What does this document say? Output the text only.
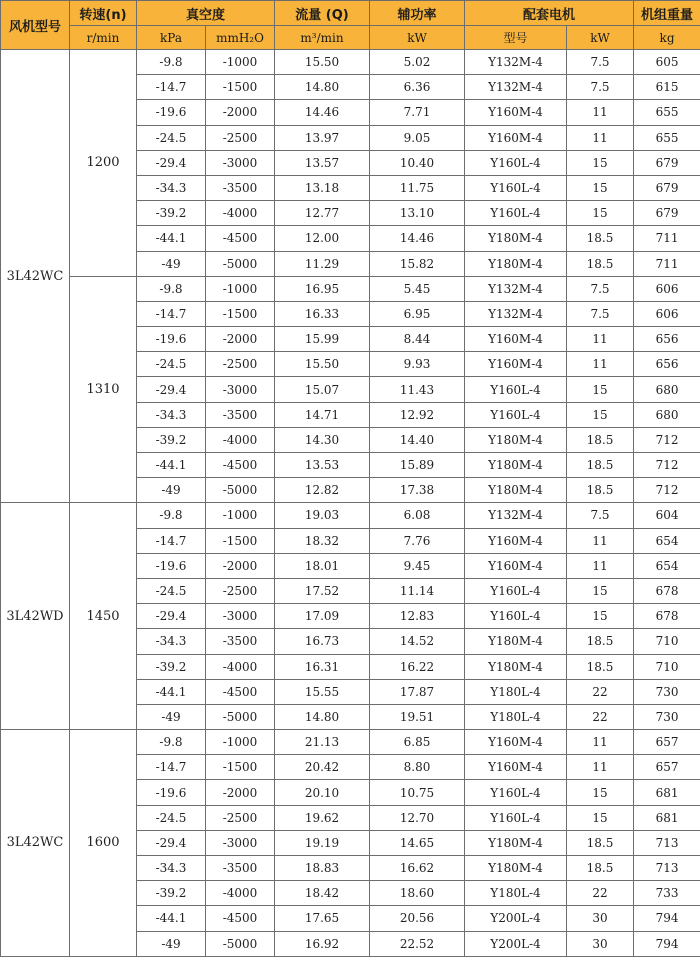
风机型号	转速(n)	真空度		流量 (Q)	辅功率	配套电机		机组重量
	r/min	kPa	mmH₂O	m³/min	kW	型号	kW	kg
3L42WC	1200	-9.8	-1000	15.50	5.02	Y132M-4	7.5	605
		-14.7	-1500	14.80	6.36	Y132M-4	7.5	615
		-19.6	-2000	14.46	7.71	Y160M-4	11	655
		-24.5	-2500	13.97	9.05	Y160M-4	11	655
		-29.4	-3000	13.57	10.40	Y160L-4	15	679
		-34.3	-3500	13.18	11.75	Y160L-4	15	679
		-39.2	-4000	12.77	13.10	Y160L-4	15	679
		-44.1	-4500	12.00	14.46	Y180M-4	18.5	711
		-49	-5000	11.29	15.82	Y180M-4	18.5	711
	1310	-9.8	-1000	16.95	5.45	Y132M-4	7.5	606
		-14.7	-1500	16.33	6.95	Y132M-4	7.5	606
		-19.6	-2000	15.99	8.44	Y160M-4	11	656
		-24.5	-2500	15.50	9.93	Y160M-4	11	656
		-29.4	-3000	15.07	11.43	Y160L-4	15	680
		-34.3	-3500	14.71	12.92	Y160L-4	15	680
		-39.2	-4000	14.30	14.40	Y180M-4	18.5	712
		-44.1	-4500	13.53	15.89	Y180M-4	18.5	712
		-49	-5000	12.82	17.38	Y180M-4	18.5	712
3L42WD	1450	-9.8	-1000	19.03	6.08	Y132M-4	7.5	604
		-14.7	-1500	18.32	7.76	Y160M-4	11	654
		-19.6	-2000	18.01	9.45	Y160M-4	11	654
		-24.5	-2500	17.52	11.14	Y160L-4	15	678
		-29.4	-3000	17.09	12.83	Y160L-4	15	678
		-34.3	-3500	16.73	14.52	Y180M-4	18.5	710
		-39.2	-4000	16.31	16.22	Y180M-4	18.5	710
		-44.1	-4500	15.55	17.87	Y180L-4	22	730
		-49	-5000	14.80	19.51	Y180L-4	22	730
3L42WC	1600	-9.8	-1000	21.13	6.85	Y160M-4	11	657
		-14.7	-1500	20.42	8.80	Y160M-4	11	657
		-19.6	-2000	20.10	10.75	Y160L-4	15	681
		-24.5	-2500	19.62	12.70	Y160L-4	15	681
		-29.4	-3000	19.19	14.65	Y180M-4	18.5	713
		-34.3	-3500	18.83	16.62	Y180M-4	18.5	713
		-39.2	-4000	18.42	18.60	Y180L-4	22	733
		-44.1	-4500	17.65	20.56	Y200L-4	30	794
		-49	-5000	16.92	22.52	Y200L-4	30	794
